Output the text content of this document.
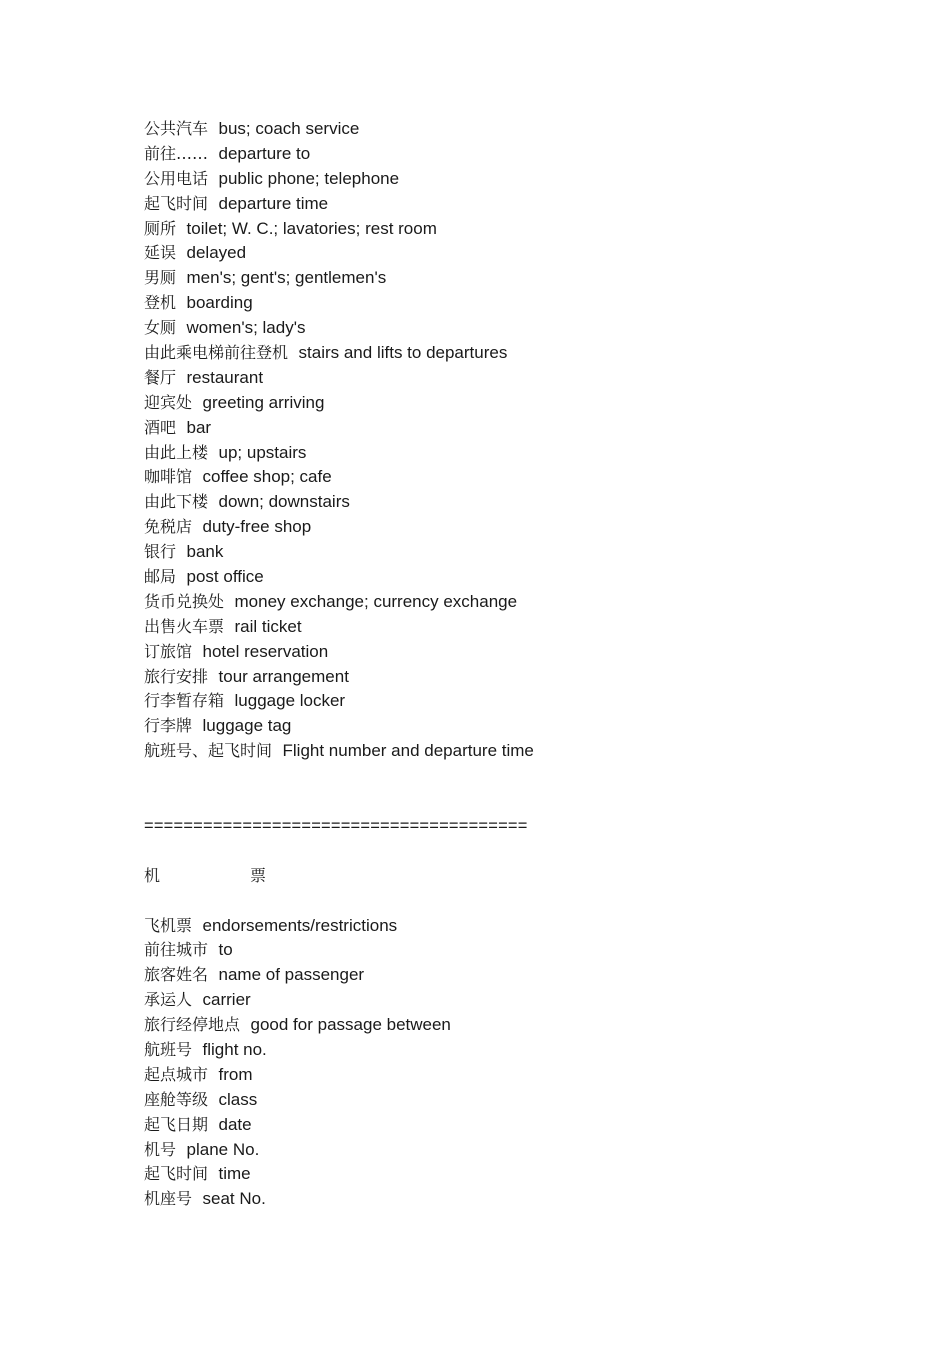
公共汽车 bus; coach service
前往…… departure to
公用电话 public phone; telephone
起飞时间 departure time
厕所 toilet; W. C.; lavatories; rest room
延误 delayed
男厕 men's; gent's; gentlemen's
登机 boarding
女厕 women's; lady's
由此乘电梯前往登机 stairs and lifts to departures
餐厅 restaurant
迎宾处 greeting arriving
酒吧 bar
由此上楼 up; upstairs
咖啡馆 coffee shop; cafe
由此下楼 down; downstairs
免税店 duty-free shop
银行 bank
邮局 post office
货币兑换处 money exchange; currency exchange
出售火车票 rail ticket
订旅馆 hotel reservation
旅行安排 tour arrangement
行李暂存箱 luggage locker
行李牌 luggage tag
航班号、起飞时间 Flight number and departure time
=======================================
机	票
飞机票 endorsements/restrictions
前往城市 to
旅客姓名 name of passenger
承运人 carrier
旅行经停地点 good for passage between
航班号 flight no.
起点城市 from
座舱等级 class
起飞日期 date
机号 plane No.
起飞时间 time
机座号 seat No.
